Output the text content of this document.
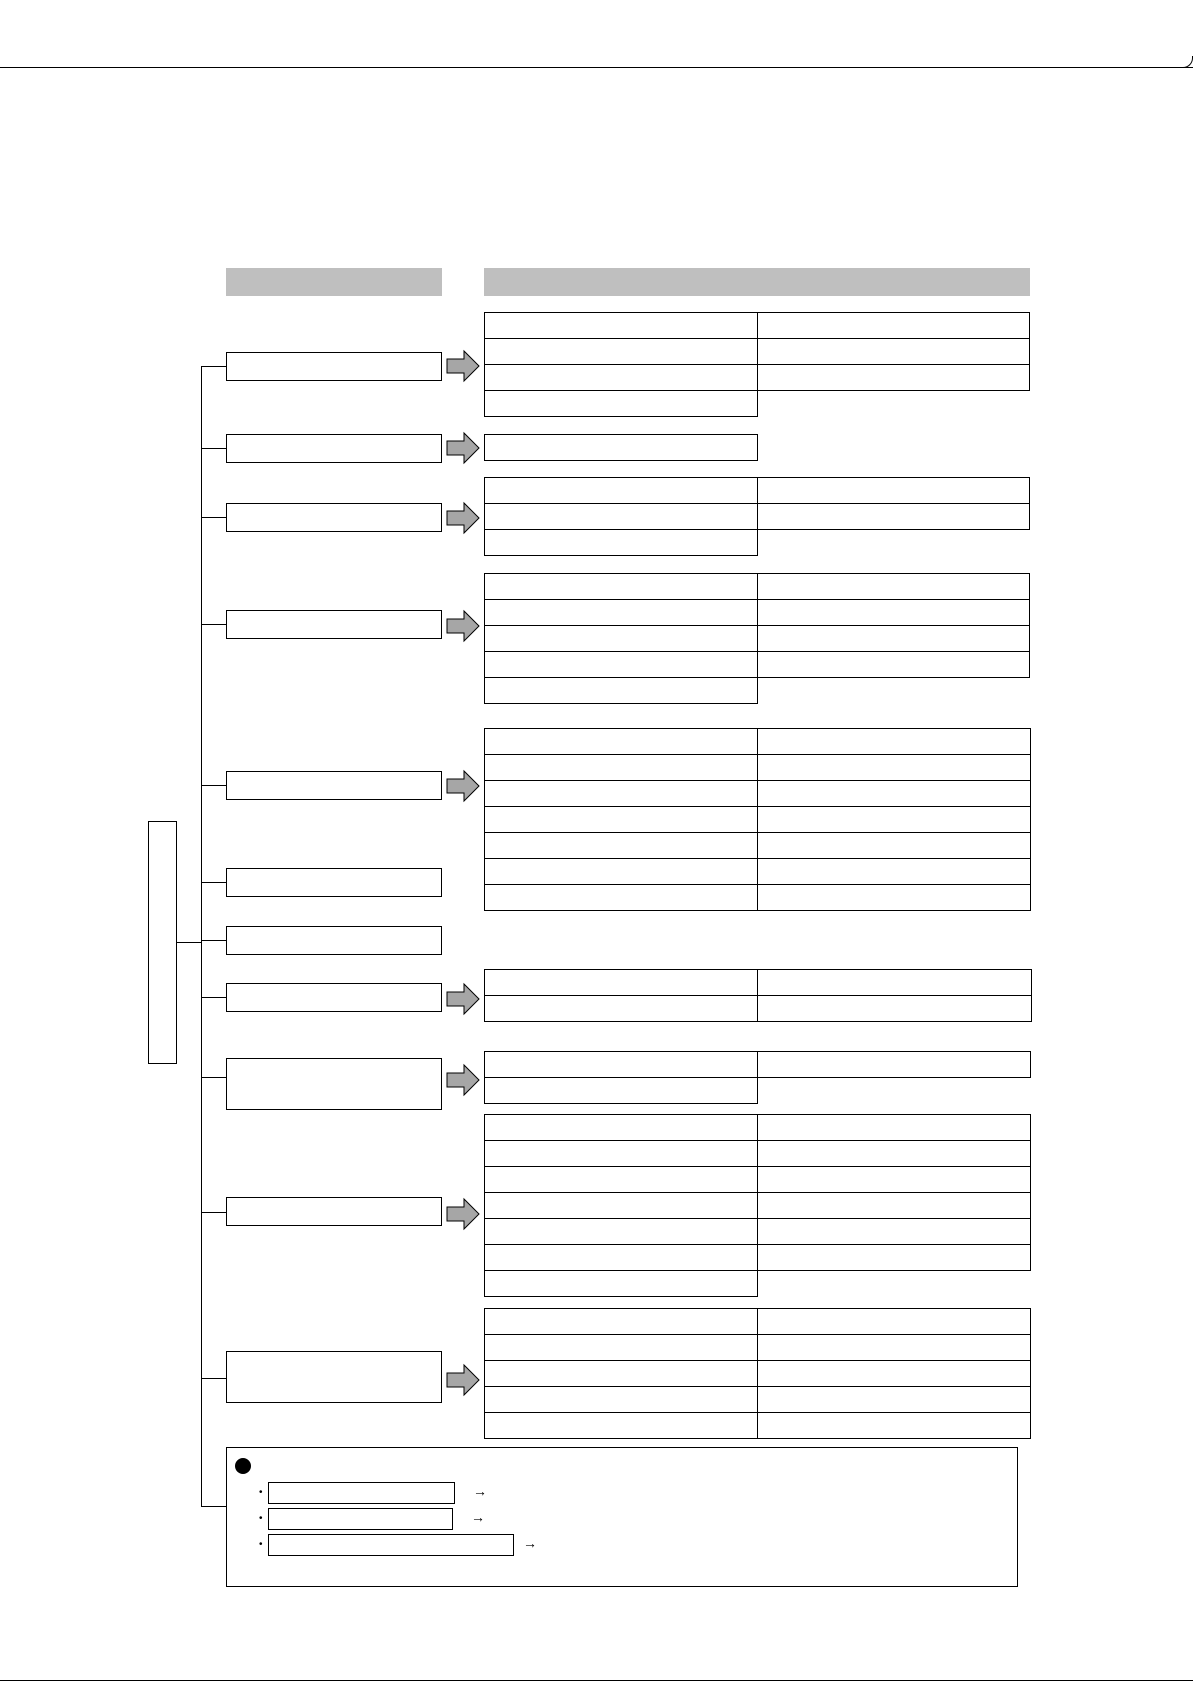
•	→
•	→
•	→
